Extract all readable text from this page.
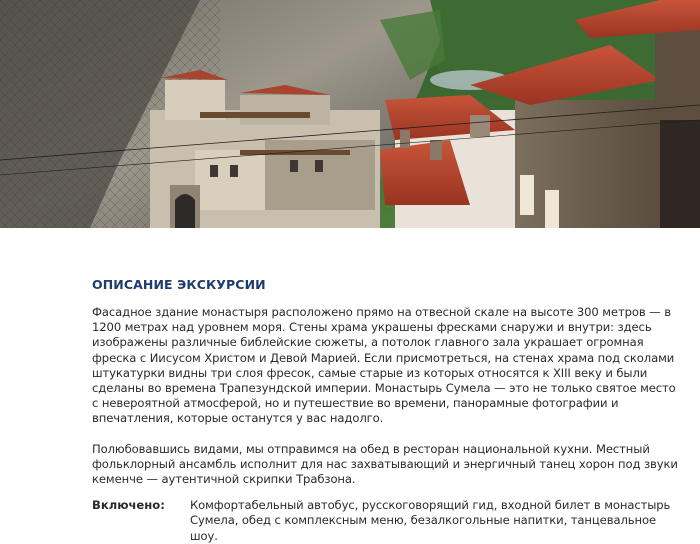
ОПИСАНИЕ ЭКСКУРСИИ

Фасадное здание монастыря расположено прямо на отвесной скале на высоте 300 метров — в 1200 метрах над уровнем моря. Стены храма украшены фресками снаружи и внутри: здесь изображены различные библейские сюжеты, а потолок главного зала украшает огромная фреска с Иисусом Христом и Девой Марией. Если присмотреться, на стенах храма под сколами штукатурки видны три слоя фресок, самые старые из которых относятся к XIII веку и были сделаны во времена Трапезундской империи. Монастырь Сумела — это не только святое место с невероятной атмосферой, но и путешествие во времени, панорамные фотографии и впечатления, которые останутся у вас надолго.

Полюбовавшись видами, мы отправимся на обед в ресторан национальной кухни. Местный фольклорный ансамбль исполнит для нас захватывающий и энергичный танец хорон под звуки кеменче — аутентичной скрипки Трабзона.

Включено:	Комфортабельный автобус, русскоговорящий гид, входной билет в монастырь Сумела, обед с комплексным меню, безалкогольные напитки, танцевальное шоу.
